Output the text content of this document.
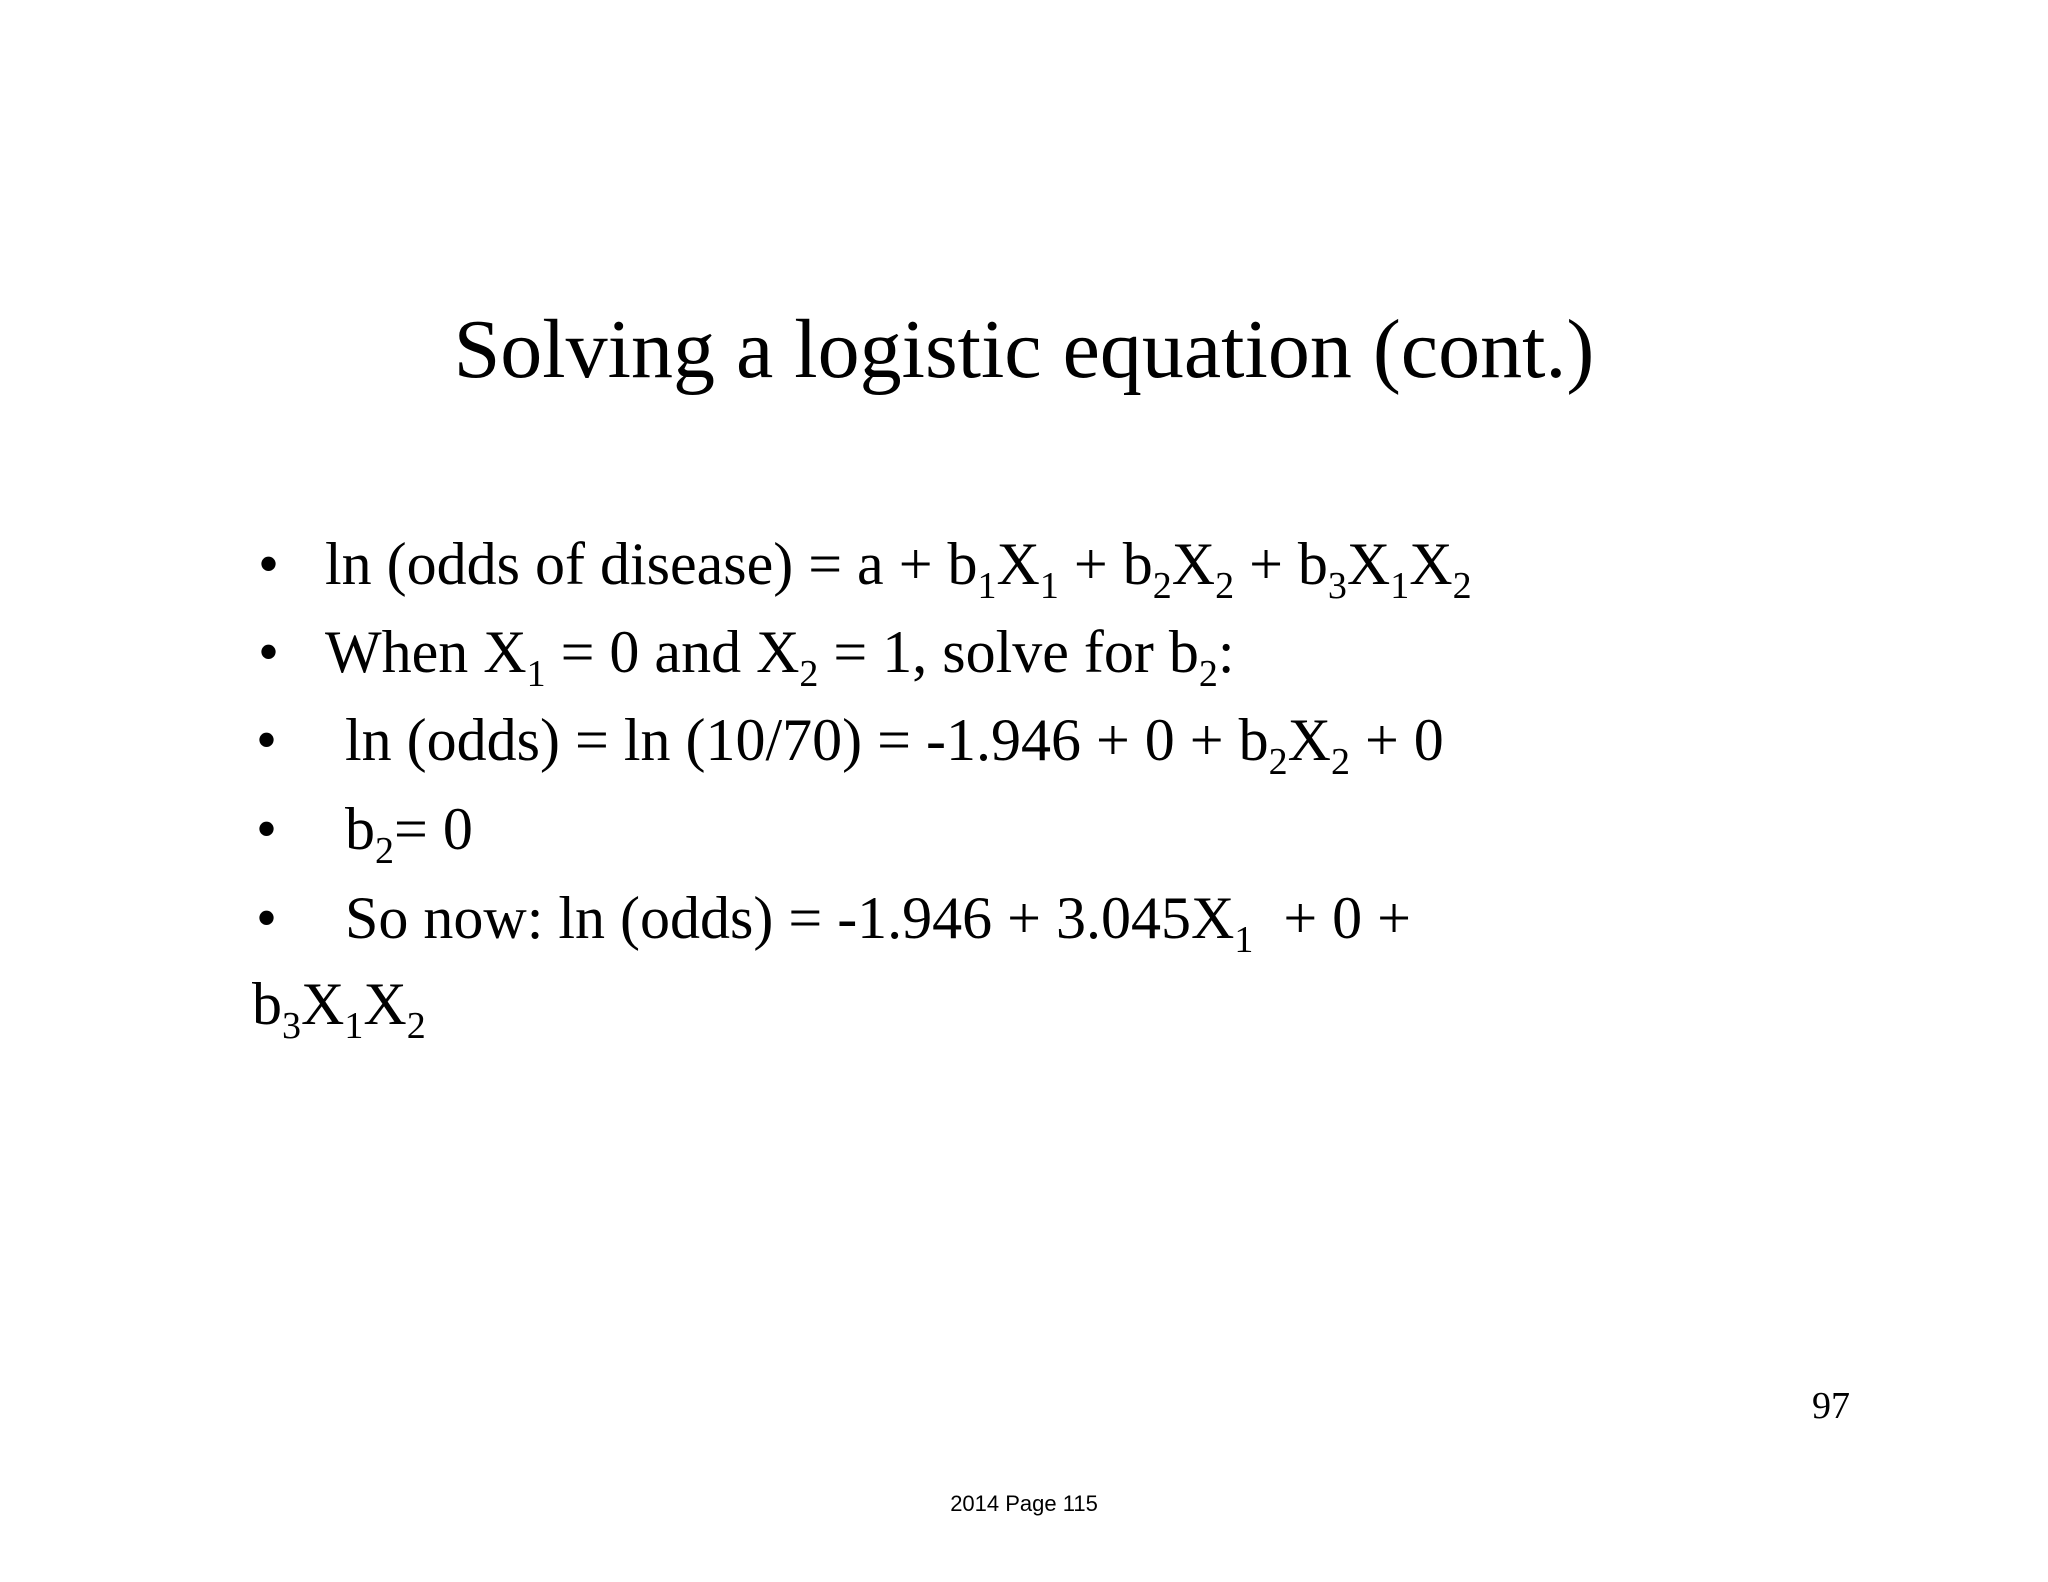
Solving a logistic equation (cont.)
• ln (odds of disease) = $a + b_1X_1 + b_2X_2 + b_3X_1X_2$
• When $X_1 = 0$ and $X_2 = 1$, solve for $b_2$:
• ln (odds) = $\ln (10/70) = -1.946 + 0 + b_2X_2 + 0$
• $b_2= 0$
• So now: ln (odds) = $-1.946 + 3.045X_1 + 0$ +
$b_3X_1X_2$
97
2014 Page 115
